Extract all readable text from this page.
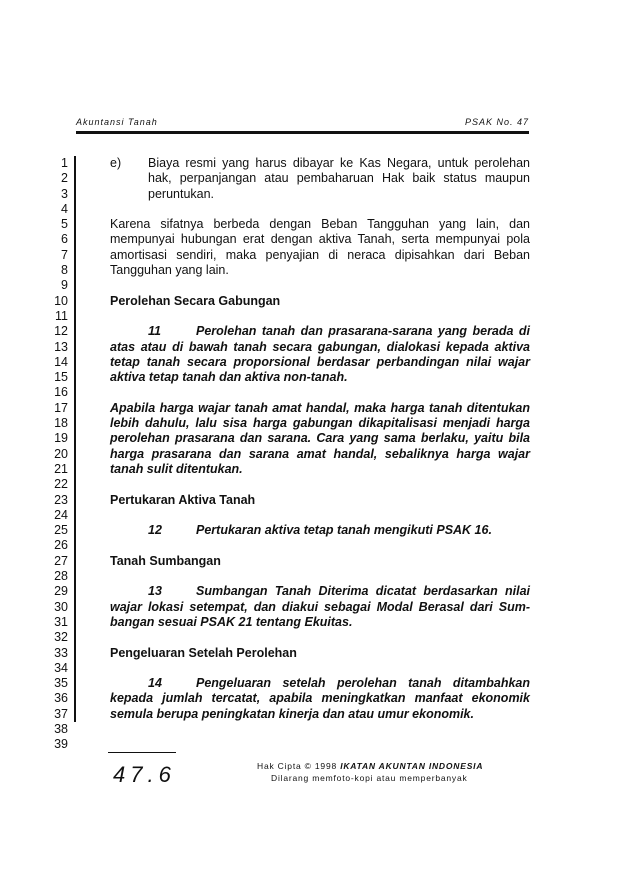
Akuntansi Tanah	PSAK No. 47
1
2
3
4
5
6
7
8
9
10
11
12
13
14
15
16
17
18
19
20
21
22
23
24
25
26
27
28
29
30
31
32
33
34
35
36
37
38
39
e) Biaya resmi yang harus dibayar ke Kas Negara, untuk perolehan
hak, perpanjangan atau pembaharuan Hak baik status maupun
peruntukan.
Karena sifatnya berbeda dengan Beban Tangguhan yang lain, dan
mempunyai hubungan erat dengan aktiva Tanah, serta mempunyai pola
amortisasi sendiri, maka penyajian di neraca dipisahkan dari Beban
Tangguhan yang lain.
Perolehan Secara Gabungan
11	Perolehan tanah dan prasarana-sarana yang berada di
atas atau di bawah tanah secara gabungan, dialokasi kepada aktiva
tetap tanah secara proporsional berdasar perbandingan nilai wajar
aktiva tetap tanah dan aktiva non-tanah.
Apabila harga wajar tanah amat handal, maka harga tanah ditentukan
lebih dahulu, lalu sisa harga gabungan dikapitalisasi menjadi harga
perolehan prasarana dan sarana. Cara yang sama berlaku, yaitu bila
harga prasarana dan sarana amat handal, sebaliknya harga wajar
tanah sulit ditentukan.
Pertukaran Aktiva Tanah
12	Pertukaran aktiva tetap tanah mengikuti PSAK 16.
Tanah Sumbangan
13	Sumbangan Tanah Diterima dicatat berdasarkan nilai
wajar lokasi setempat, dan diakui sebagai Modal Berasal dari Sum-
bangan sesuai PSAK 21 tentang Ekuitas.
Pengeluaran Setelah Perolehan
14	Pengeluaran setelah perolehan tanah ditambahkan
kepada jumlah tercatat, apabila meningkatkan manfaat ekonomik
semula berupa peningkatan kinerja dan atau umur ekonomik.
47.6	Hak Cipta © 1998 IKATAN AKUNTAN INDONESIA
Dilarang memfoto-kopi atau memperbanyak
